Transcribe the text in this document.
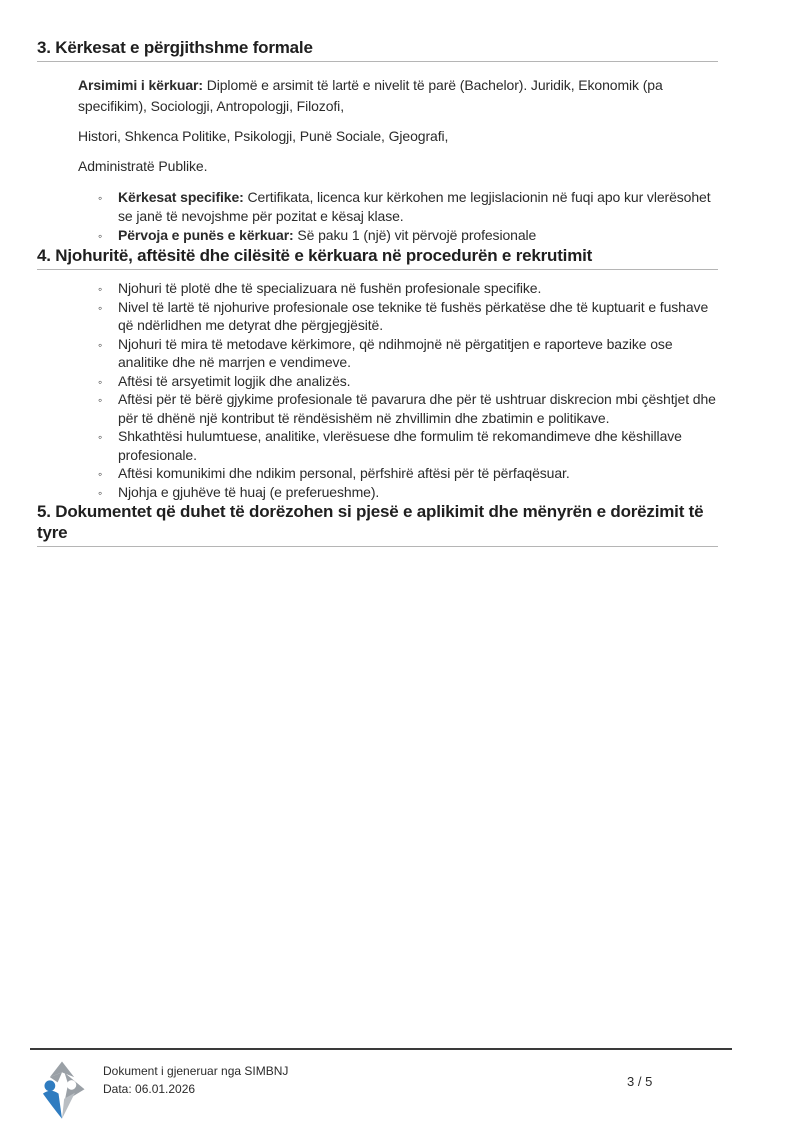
3. Kërkesat e përgjithshme formale

Arsimimi i kërkuar: Diplomë e arsimit të lartë e nivelit të parë (Bachelor). Juridik, Ekonomik (pa specifikim), Sociologji, Antropologji, Filozofi,

Histori, Shkenca Politike, Psikologji, Punë Sociale, Gjeografi,

Administratë Publike.

◦ Kërkesat specifike: Certifikata, licenca kur kërkohen me legjislacionin në fuqi apo kur vlerësohet se janë të nevojshme për pozitat e kësaj klase.
◦ Përvoja e punës e kërkuar: Së paku 1 (një) vit përvojë profesionale
4. Njohuritë, aftësitë dhe cilësitë e kërkuara në procedurën e rekrutimit
◦ Njohuri të plotë dhe të specializuara në fushën profesionale specifike.
◦ Nivel të lartë të njohurive profesionale ose teknike të fushës përkatëse dhe të kuptuarit e fushave që ndërlidhen me detyrat dhe përgjegjësitë.
◦ Njohuri të mira të metodave kërkimore, që ndihmojnë në përgatitjen e raporteve bazike ose analitike dhe në marrjen e vendimeve.
◦ Aftësi të arsyetimit logjik dhe analizës.
◦ Aftësi për të bërë gjykime profesionale të pavarura dhe për të ushtruar diskrecion mbi çështjet dhe për të dhënë një kontribut të rëndësishëm në zhvillimin dhe zbatimin e politikave.
◦ Shkathtësi hulumtuese, analitike, vlerësuese dhe formulim të rekomandimeve dhe këshillave profesionale.
◦ Aftësi komunikimi dhe ndikim personal, përfshirë aftësi për të përfaqësuar.
◦ Njohja e gjuhëve të huaj (e preferueshme).
5. Dokumentet që duhet të dorëzohen si pjesë e aplikimit dhe mënyrën e dorëzimit të tyre
Dokument i gjeneruar nga SIMBNJ
Data: 06.01.2026	3 / 5
